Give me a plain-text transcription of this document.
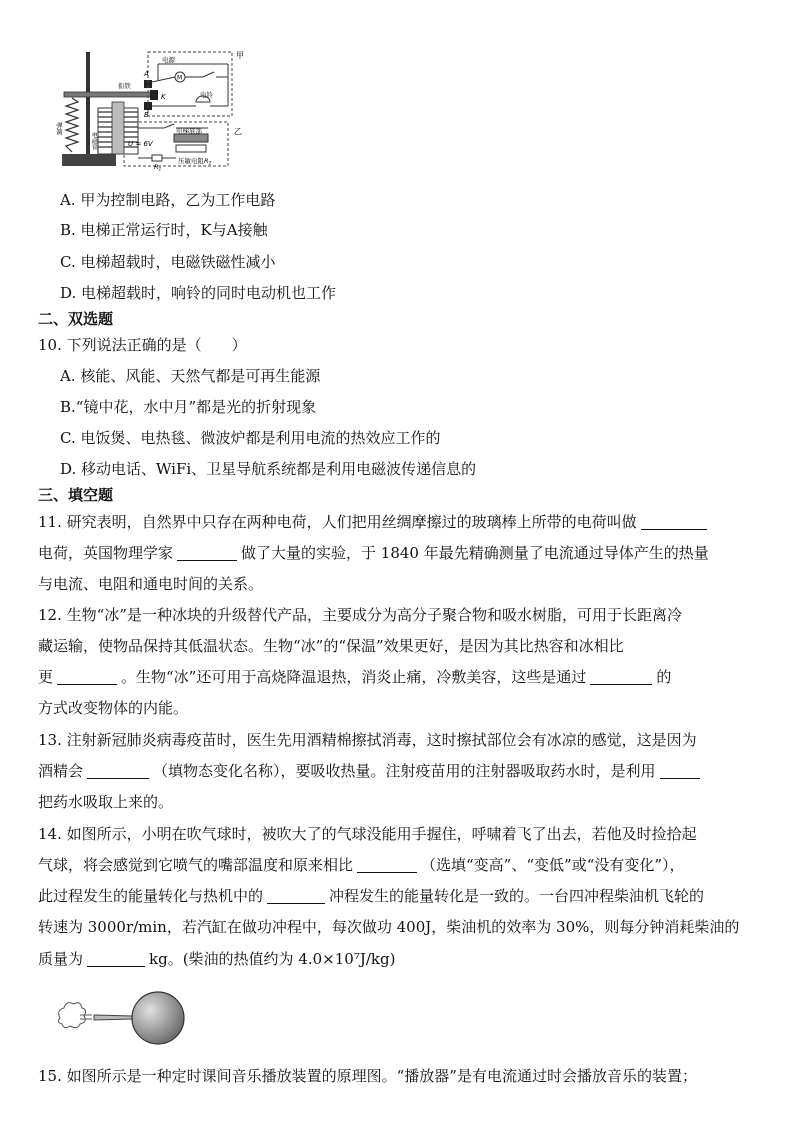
甲
乙
电源
M
电铃
衔铁
弹簧
电磁铁
A
B
K
U = 6V
电梯底部
$R_1$
压敏电阻$R_2$
A. 甲为控制电路，乙为工作电路
B. 电梯正常运行时，K与A接触
C. 电梯超载时，电磁铁磁性减小
D. 电梯超载时，响铃的同时电动机也工作
二、双选题
10. 下列说法正确的是（　　）
A. 核能、风能、天然气都是可再生能源
B.“镜中花，水中月”都是光的折射现象
C. 电饭煲、电热毯、微波炉都是利用电流的热效应工作的
D. 移动电话、WiFi、卫星导航系统都是利用电磁波传递信息的
三、填空题
11. 研究表明，自然界中只存在两种电荷，人们把用丝绸摩擦过的玻璃棒上所带的电荷叫做
电荷，英国物理学家	做了大量的实验，于 1840 年最先精确测量了电流通过导体产生的热量
与电流、电阻和通电时间的关系。
12. 生物“冰”是一种冰块的升级替代产品，主要成分为高分子聚合物和吸水树脂，可用于长距离冷
藏运输，使物品保持其低温状态。生物“冰”的“保温”效果更好，是因为其比热容和冰相比
更	。生物“冰”还可用于高烧降温退热，消炎止痛，冷敷美容，这些是通过	的
方式改变物体的内能。
13. 注射新冠肺炎病毒疫苗时，医生先用酒精棉擦拭消毒，这时擦拭部位会有冰凉的感觉，这是因为
酒精会	（填物态变化名称），要吸收热量。注射疫苗用的注射器吸取药水时，是利用
把药水吸取上来的。
14. 如图所示，小明在吹气球时，被吹大了的气球没能用手握住，呼啸着飞了出去，若他及时捡拾起
气球，将会感觉到它喷气的嘴部温度和原来相比	（选填“变高”、“变低”或“没有变化”），
此过程发生的能量转化与热机中的	冲程发生的能量转化是一致的。一台四冲程柴油机飞轮的
转速为 3000r/min，若汽缸在做功冲程中，每次做功 400J，柴油机的效率为 30%，则每分钟消耗柴油的
质量为	kg。(柴油的热值约为 4.0×10⁷J/kg)
15. 如图所示是一种定时课间音乐播放装置的原理图。“播放器”是有电流通过时会播放音乐的装置；
